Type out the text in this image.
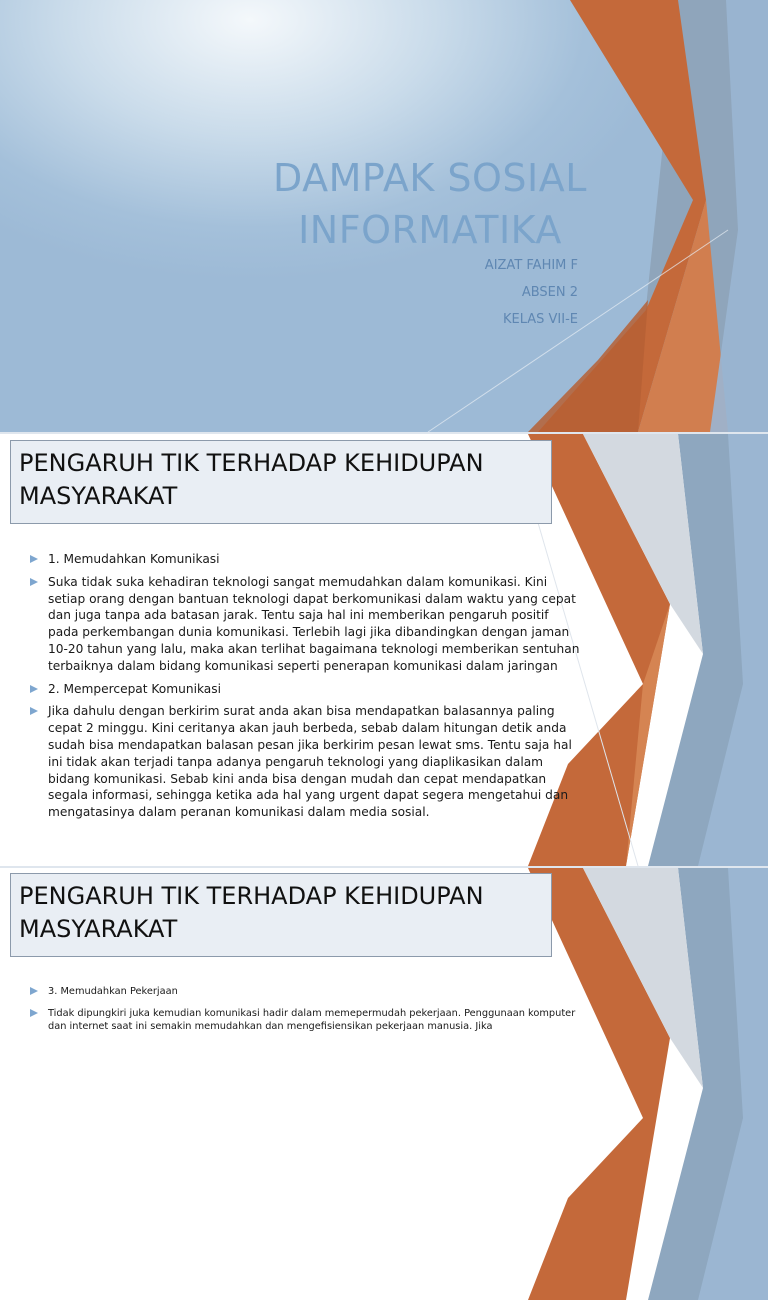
DAMPAK SOSIAL
INFORMATIKA
AIZAT FAHIM F
ABSEN 2
KELAS VII-E
PENGARUH TIK TERHADAP KEHIDUPAN MASYARAKAT
1. Memudahkan Komunikasi
Suka tidak suka kehadiran teknologi sangat memudahkan dalam komunikasi. Kini setiap orang dengan bantuan teknologi dapat berkomunikasi dalam waktu yang cepat dan juga tanpa ada batasan jarak. Tentu saja hal ini memberikan pengaruh positif pada perkembangan dunia komunikasi. Terlebih lagi jika dibandingkan dengan jaman 10-20 tahun yang lalu, maka akan terlihat bagaimana teknologi memberikan sentuhan terbaiknya dalam bidang komunikasi seperti penerapan komunikasi dalam jaringan
2. Mempercepat Komunikasi
Jika dahulu dengan berkirim surat anda akan bisa mendapatkan balasannya paling cepat 2 minggu. Kini ceritanya akan jauh berbeda, sebab dalam hitungan detik anda sudah bisa mendapatkan balasan pesan jika berkirim pesan lewat sms. Tentu saja hal ini tidak akan terjadi tanpa adanya pengaruh teknologi yang diaplikasikan dalam bidang komunikasi. Sebab kini anda bisa dengan mudah dan cepat mendapatkan segala informasi, sehingga ketika ada hal yang urgent dapat segera mengetahui dan mengatasinya dalam peranan komunikasi dalam media sosial.
PENGARUH TIK TERHADAP KEHIDUPAN MASYARAKAT
3. Memudahkan Pekerjaan
Tidak dipungkiri juka kemudian komunikasi hadir dalam memepermudah pekerjaan. Penggunaan komputer dan internet saat ini semakin memudahkan dan mengefisiensikan pekerjaan manusia. Jika
